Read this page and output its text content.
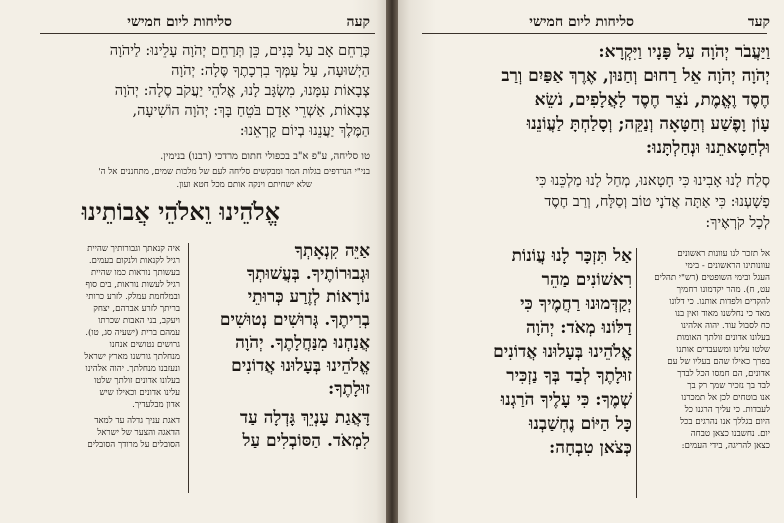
קעה
סליחות ליום חמישי
כְּרַחֵם אָב עַל בָּנִים, כֵּן תְּרַחֵם יְהֹוָה עָלֵינוּ: לַיהֹוָה
הַיְשׁוּעָה, עַל עַמְּךָ בִרְכָתֶךָ סֶּלָה: יְהֹוָה
צְבָאוֹת עִמָּנוּ, מִשְׂגָּב לָנוּ, אֱלֹהֵי יַעֲקֹב סֶלָה: יְהֹוָה
צְבָאוֹת, אַשְׁרֵי אָדָם בֹּטֵחַ בָּךְ: יְהֹוָה הוֹשִׁיעָה,
הַמֶּלֶךְ יַעֲנֵנוּ בְיוֹם קָרְאֵנוּ:
טו סליחה, ע"פ א"ב בכפולי חתום מרדכי (רבנו) בנימין.
בני"י הנרדפים בגלות המר ומבקשים סליחה לעם של מלכות שמים, מתחננים אל ה'
שלא ישחיתם וינקה אותם מכל חטא ועון.
אֱלֹהֵינוּ וֵאלֹהֵי אֲבוֹתֵינוּ
אַיֵּה קִנְאָתְךָ
וּגְבוּרוֹתֶיךָ. בְּעֲשׁוּתְךָ
נוֹרָאוֹת לְזֶרַע כְּרוּתֵי
בְרִיתֶךָ. גְּרוּשִׁים נְטוּשִׁים
אֲנַחְנוּ מִנַּחֲלָתֶךָ. יְהֹוָה
אֱלֹהֵינוּ בְּעָלוּנוּ אֲדוֹנִים
זוּלָתֶךָ:
דָּאֲגַת עָנְיֵךְ גָּדְלָה עַד
לִמְאֹד. הַסּוֹבְלִים עַל
איה קנאתך וגבורותיך שהיית
רגיל לקנאות ולנקום בעמים.
בעשותך נוראות כמו שהיית
רגיל לעשות נוראות, בים סוף
ובמלחמת עמלק. לזרע כרותי
בריתך לזרע אברהם, יצחק
ויעקב, בני האבות שכרתו
עמהם ברית (ישעיה סג, טו).
גרושים נטושים אנחנו
מנחלתך גורשנו מארץ ישראל
ונעזבנו מנחלתך. יהוה אלהינו
בעלונו אדונים זולתך שלטו
עלינו אדונים וכאילו שיש
אדון מבלעדיך.
דאגת עניך גדלה עד למאד
הדאגה והצער של ישראל
הסובלים על מרודך הסובלים
קעד
סליחות ליום חמישי
וַיַּעֲבֹר יְהֹוָה עַל פָּנָיו וַיִּקְרָא:
יְהֹוָה יְהֹוָה אֵל רַחוּם וְחַנּוּן, אֶרֶךְ אַפַּיִם וְרַב
חֶסֶד וֶאֱמֶת, נֹצֵר חֶסֶד לָאֲלָפִים, נֹשֵׂא
עָוֹן וָפֶשַׁע וְחַטָּאָה וְנַקֵּה; וְסָלַחְתָּ לַעֲוֹנֵנוּ
וּלְחַטָּאתֵנוּ וּנְחַלְתָּנוּ:
סְלַח לָנוּ אָבִינוּ כִּי חָטָאנוּ, מְחַל לָנוּ מַלְכֵּנוּ כִּי
פָשָׁעְנוּ: כִּי אַתָּה אֲדֹנָי טוֹב וְסַלָּח, וְרַב חֶסֶד
לְכָל קֹרְאֶיךָ:
אַל תִּזְכָּר לָנוּ עֲוֹנוֹת
רִאשׁוֹנִים מַהֵר
יְקַדְּמוּנוּ רַחֲמֶיךָ כִּי
דַלּוֹנוּ מְאֹד: יְהֹוָה
אֱלֹהֵינוּ בְּעָלוּנוּ אֲדוֹנִים
זוּלָתֶךָ לְבַד בְּךָ נַזְכִּיר
שְׁמֶךָ: כִּי עָלֶיךָ הֹרַגְנוּ
כָּל הַיּוֹם נֶחְשַׁבְנוּ
כְּצֹאן טִבְחָה:
אל תזכר לנו עוונות ראשונים
עוונותינו הראשונים - בימי
העגל ובימי השופטים (רש"י תהלים
עט, ח). מהר יקדמונו רחמיך
להקדים ולפדות אותנו. כי דלונו
מאד כי נחלשנו מאוד ואין בנו
כח לסבול עוד. יהוה אלהינו
בעלונו אדונים זולתך האומות
שלטו עלינו ומשעבדים אותנו
בפרך כאילו שהם בעליו של עם
אדונים, הם חמסו הכל לבדך
לבד בך נזכיר שמך רק בך
אנו בוטחים לכן אל תמכרנו
לעבדות. כי עליך הרגנו כל
היום בגללך אנו נהרגים בכל
יום. נחשבנו כצאן טבחה
כצאן להריגה, בידי העמים:
